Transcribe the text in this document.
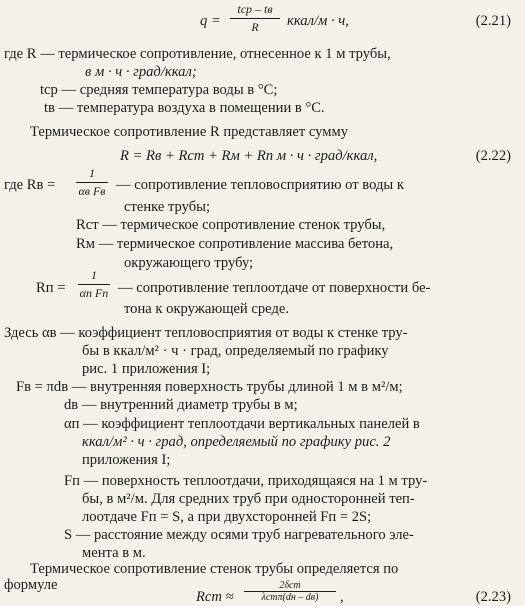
q =
tср – tв
R	ккал/м · ч,	(2.21)
где R — термическое сопротивление, отнесенное к 1 м трубы,
в м · ч · град/ккал;
tср — средняя температура воды в °С;
tв — температура воздуха в помещении в °С.
Термическое сопротивление R представляет сумму
R = Rв + Rст + Rм + Rп м · ч · град/ккал,	(2.22)
где Rв =
1
αв Fв — сопротивление тепловосприятию от воды к
стенке трубы;
Rст — термическое сопротивление стенок трубы,
Rм — термическое сопротивление массива бетона,
окружающего трубу;
Rп =
1
αп Fп — сопротивление теплоотдаче от поверхности бе-
тона к окружающей среде.
Здесь αв — коэффициент тепловосприятия от воды к стенке тру-
бы в ккал/м² · ч · град, определяемый по графику
рис. 1 приложения I;
Fв = πdв — внутренняя поверхность трубы длиной 1 м в м²/м;
dв — внутренний диаметр трубы в м;
αп — коэффициент теплоотдачи вертикальных панелей в
ккал/м² · ч · град, определяемый по графику рис. 2
приложения I;
Fп — поверхность теплоотдачи, приходящаяся на 1 м тру-
бы, в м²/м. Для средних труб при односторонней теп-
лоотдаче Fп = S, а при двухсторонней Fп = 2S;
S — расстояние между осями труб нагревательного эле-
мента в м.
Термическое сопротивление стенок трубы определяется по
формуле
Rст ≈
2δст
λстπ(dн – dв)	,	(2.23)
